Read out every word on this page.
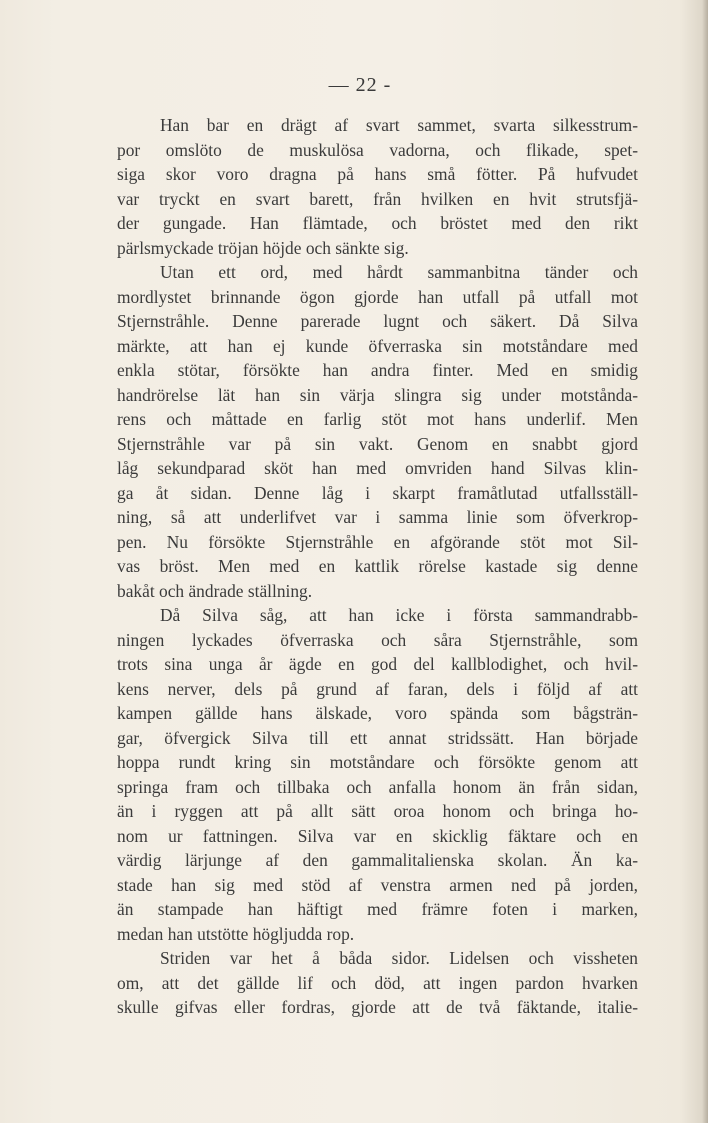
— 22 -
Han bar en drägt af svart sammet, svarta silkesstrum-
por omslöto de muskulösa vadorna, och flikade, spet-
siga skor voro dragna på hans små fötter. På hufvudet
var tryckt en svart barett, från hvilken en hvit strutsfjä-
der gungade. Han flämtade, och bröstet med den rikt
pärlsmyckade tröjan höjde och sänkte sig.
Utan ett ord, med hårdt sammanbitna tänder och
mordlystet brinnande ögon gjorde han utfall på utfall mot
Stjernstråhle. Denne parerade lugnt och säkert. Då Silva
märkte, att han ej kunde öfverraska sin motståndare med
enkla stötar, försökte han andra finter. Med en smidig
handrörelse lät han sin värja slingra sig under motstånda-
rens och måttade en farlig stöt mot hans underlif. Men
Stjernstråhle var på sin vakt. Genom en snabbt gjord
låg sekundparad sköt han med omvriden hand Silvas klin-
ga åt sidan. Denne låg i skarpt framåtlutad utfallsställ-
ning, så att underlifvet var i samma linie som öfverkrop-
pen. Nu försökte Stjernstråhle en afgörande stöt mot Sil-
vas bröst. Men med en kattlik rörelse kastade sig denne
bakåt och ändrade ställning.
Då Silva såg, att han icke i första sammandrabb-
ningen lyckades öfverraska och såra Stjernstråhle, som
trots sina unga år ägde en god del kallblodighet, och hvil-
kens nerver, dels på grund af faran, dels i följd af att
kampen gällde hans älskade, voro spända som bågsträn-
gar, öfvergick Silva till ett annat stridssätt. Han började
hoppa rundt kring sin motståndare och försökte genom att
springa fram och tillbaka och anfalla honom än från sidan,
än i ryggen att på allt sätt oroa honom och bringa ho-
nom ur fattningen. Silva var en skicklig fäktare och en
värdig lärjunge af den gammalitalienska skolan. Än ka-
stade han sig med stöd af venstra armen ned på jorden,
än stampade han häftigt med främre foten i marken,
medan han utstötte högljudda rop.
Striden var het å båda sidor. Lidelsen och vissheten
om, att det gällde lif och död, att ingen pardon hvarken
skulle gifvas eller fordras, gjorde att de två fäktande, italie-
